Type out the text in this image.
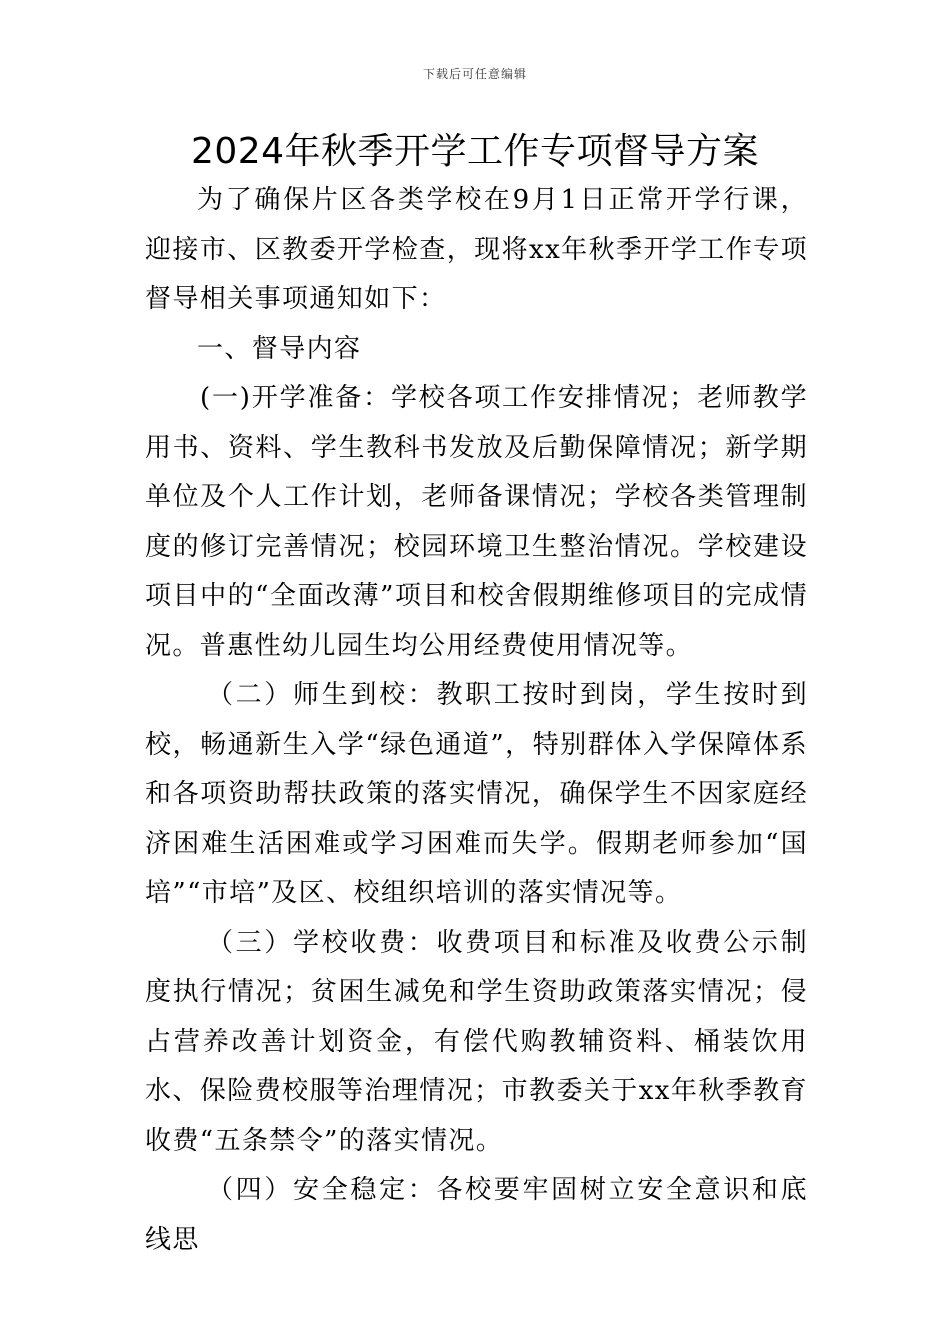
下载后可任意编辑
2024年秋季开学工作专项督导方案

为了确保片区各类学校在9月1日正常开学行课，迎接市、区教委开学检查，现将xx年秋季开学工作专项督导相关事项通知如下：

一、督导内容

(一)开学准备：学校各项工作安排情况；老师教学用书、资料、学生教科书发放及后勤保障情况；新学期单位及个人工作计划，老师备课情况；学校各类管理制度的修订完善情况；校园环境卫生整治情况。学校建设项目中的“全面改薄”项目和校舍假期维修项目的完成情况。普惠性幼儿园生均公用经费使用情况等。

（二）师生到校：教职工按时到岗，学生按时到校，畅通新生入学“绿色通道”，特别群体入学保障体系和各项资助帮扶政策的落实情况，确保学生不因家庭经济困难生活困难或学习困难而失学。假期老师参加“国培”“市培”及区、校组织培训的落实情况等。

（三）学校收费：收费项目和标准及收费公示制度执行情况；贫困生减免和学生资助政策落实情况；侵占营养改善计划资金，有偿代购教辅资料、桶装饮用水、保险费校服等治理情况；市教委关于xx年秋季教育收费“五条禁令”的落实情况。

（四）安全稳定：各校要牢固树立安全意识和底线思
